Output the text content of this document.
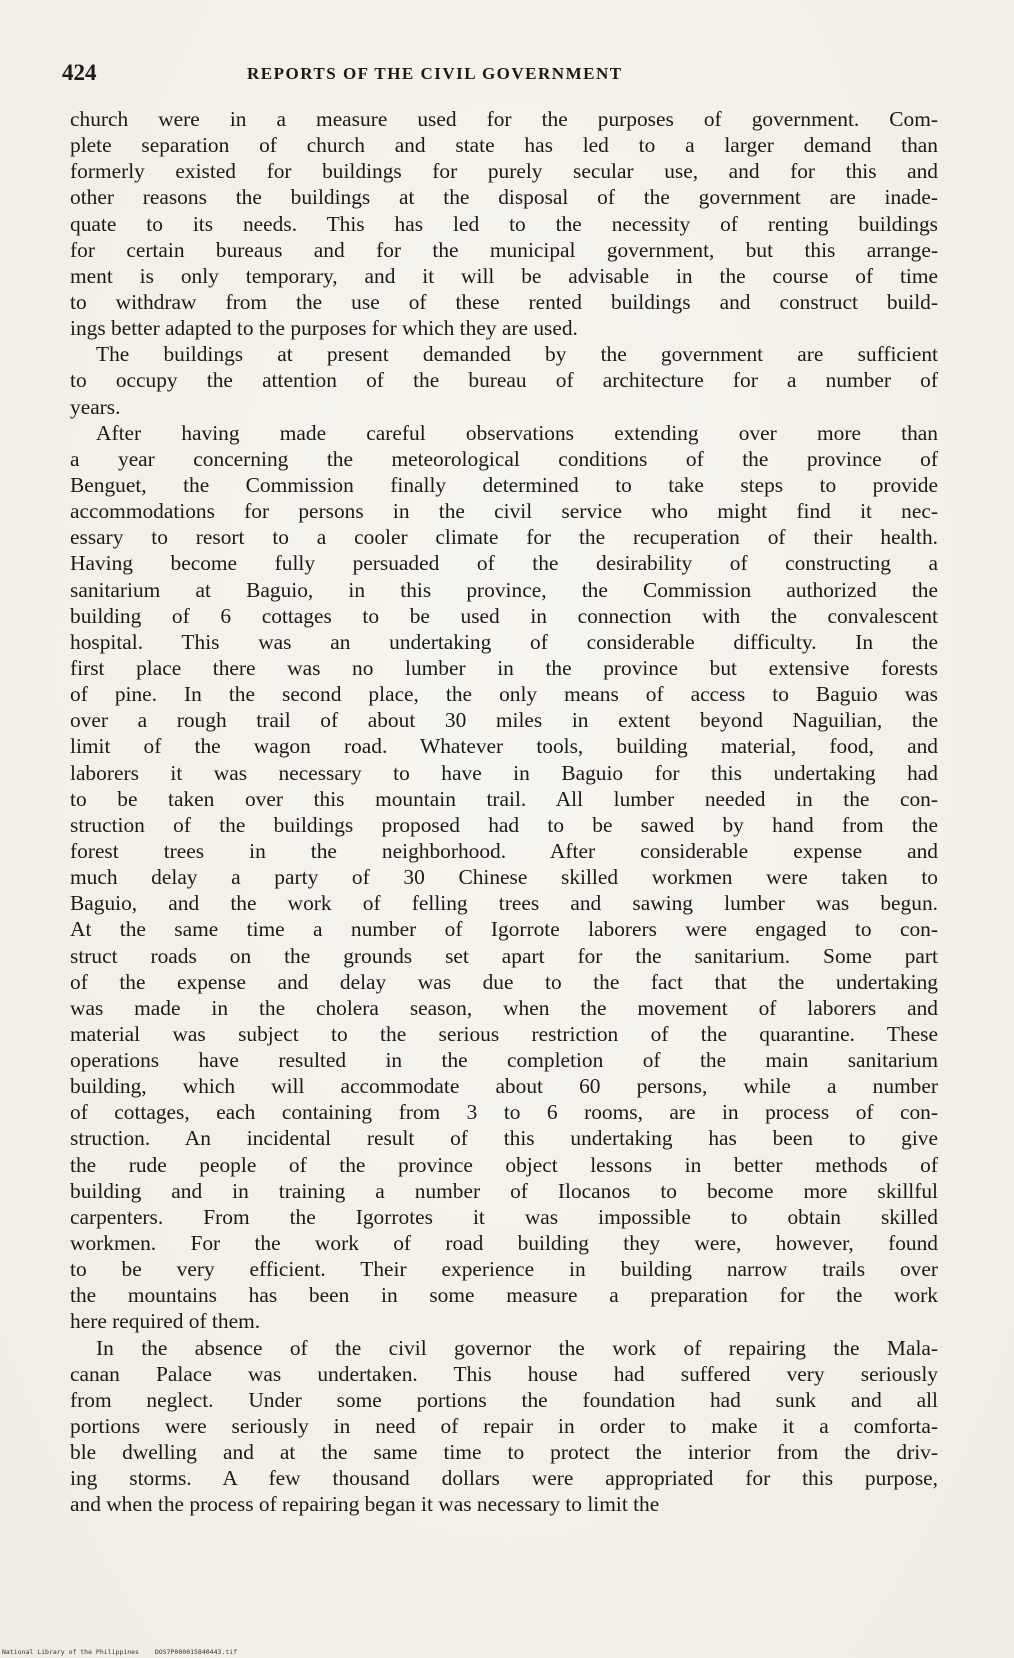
424	REPORTS OF THE CIVIL GOVERNMENT
church were in a measure used for the purposes of government. Com-
plete separation of church and state has led to a larger demand than
formerly existed for buildings for purely secular use, and for this and
other reasons the buildings at the disposal of the government are inade-
quate to its needs. This has led to the necessity of renting buildings
for certain bureaus and for the municipal government, but this arrange-
ment is only temporary, and it will be advisable in the course of time
to withdraw from the use of these rented buildings and construct build-
ings better adapted to the purposes for which they are used.
The buildings at present demanded by the government are sufficient
to occupy the attention of the bureau of architecture for a number of
years.
After having made careful observations extending over more than
a year concerning the meteorological conditions of the province of
Benguet, the Commission finally determined to take steps to provide
accommodations for persons in the civil service who might find it nec-
essary to resort to a cooler climate for the recuperation of their health.
Having become fully persuaded of the desirability of constructing a
sanitarium at Baguio, in this province, the Commission authorized the
building of 6 cottages to be used in connection with the convalescent
hospital. This was an undertaking of considerable difficulty. In the
first place there was no lumber in the province but extensive forests
of pine. In the second place, the only means of access to Baguio was
over a rough trail of about 30 miles in extent beyond Naguilian, the
limit of the wagon road. Whatever tools, building material, food, and
laborers it was necessary to have in Baguio for this undertaking had
to be taken over this mountain trail. All lumber needed in the con-
struction of the buildings proposed had to be sawed by hand from the
forest trees in the neighborhood. After considerable expense and
much delay a party of 30 Chinese skilled workmen were taken to
Baguio, and the work of felling trees and sawing lumber was begun.
At the same time a number of Igorrote laborers were engaged to con-
struct roads on the grounds set apart for the sanitarium. Some part
of the expense and delay was due to the fact that the undertaking
was made in the cholera season, when the movement of laborers and
material was subject to the serious restriction of the quarantine. These
operations have resulted in the completion of the main sanitarium
building, which will accommodate about 60 persons, while a number
of cottages, each containing from 3 to 6 rooms, are in process of con-
struction. An incidental result of this undertaking has been to give
the rude people of the province object lessons in better methods of
building and in training a number of Ilocanos to become more skillful
carpenters. From the Igorrotes it was impossible to obtain skilled
workmen. For the work of road building they were, however, found
to be very efficient. Their experience in building narrow trails over
the mountains has been in some measure a preparation for the work
here required of them.
In the absence of the civil governor the work of repairing the Mala-
canan Palace was undertaken. This house had suffered very seriously
from neglect. Under some portions the foundation had sunk and all
portions were seriously in need of repair in order to make it a comforta-
ble dwelling and at the same time to protect the interior from the driv-
ing storms. A few thousand dollars were appropriated for this purpose,
and when the process of repairing began it was necessary to limit the
National Library of the Philippines DOS7P000015840443.tif
